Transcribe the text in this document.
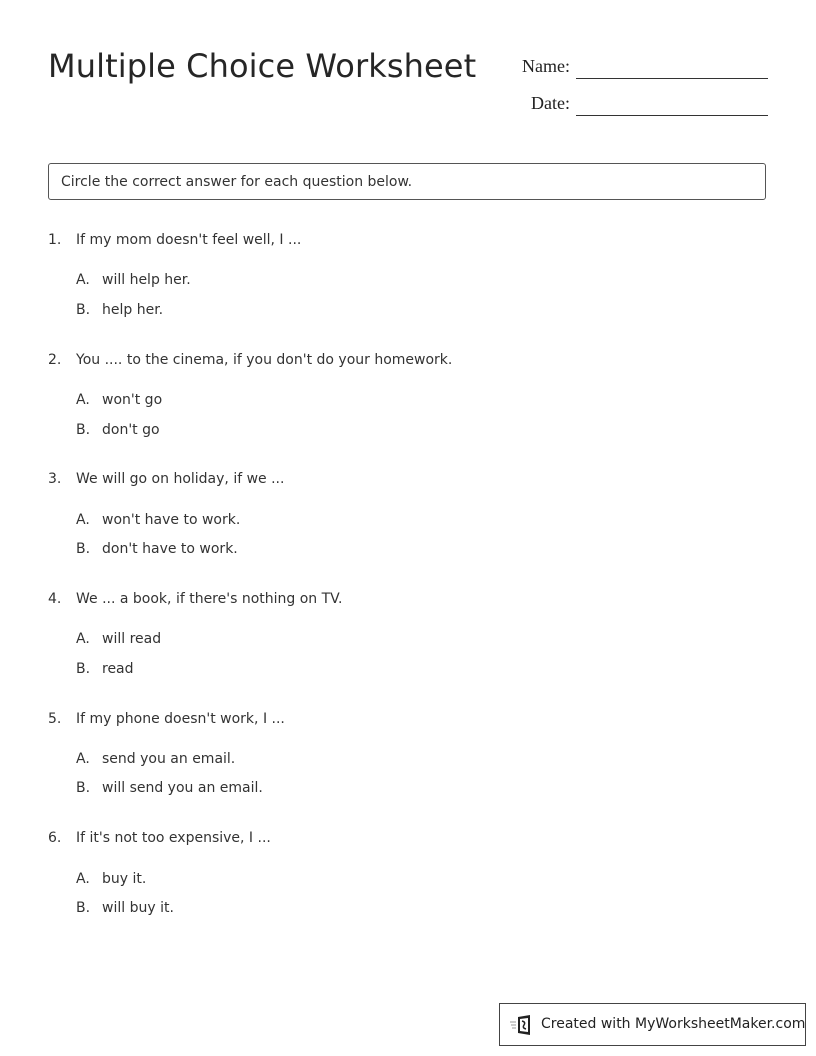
Multiple Choice Worksheet	Name:
Date:
Circle the correct answer for each question below.
1. If my mom doesn't feel well, I ...
A. will help her.
B. help her.
2. You .... to the cinema, if you don't do your homework.
A. won't go
B. don't go
3. We will go on holiday, if we ...
A. won't have to work.
B. don't have to work.
4. We ... a book, if there's nothing on TV.
A. will read
B. read
5. If my phone doesn't work, I ...
A. send you an email.
B. will send you an email.
6. If it's not too expensive, I ...
A. buy it.
B. will buy it.
Created with MyWorksheetMaker.com
